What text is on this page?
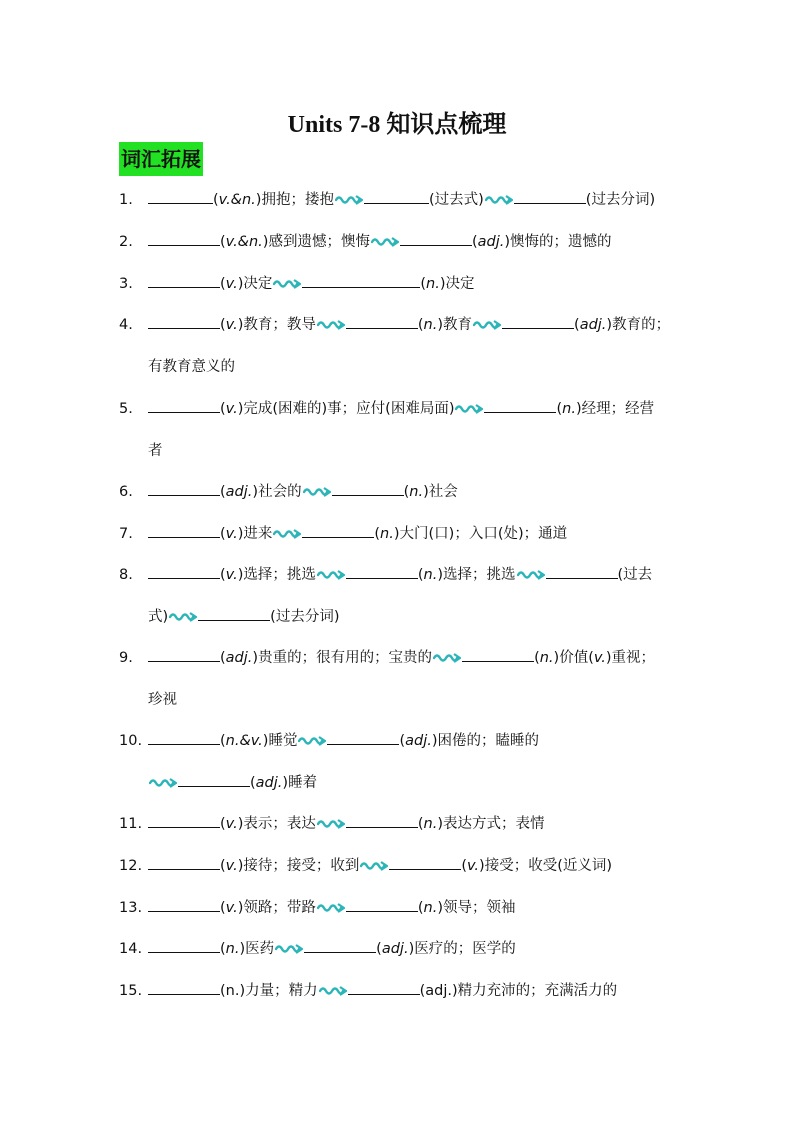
Units 7-8 知识点梳理
词汇拓展
1.	(v.&n.)拥抱；搂抱	(过去式)	(过去分词)
2.	(v.&n.)感到遗憾；懊悔	(adj.)懊悔的；遗憾的
3.	(v.)决定	(n.)决定
4.	(v.)教育；教导	(n.)教育	(adj.)教育的；
有教育意义的
5.	(v.)完成(困难的)事；应付(困难局面)	(n.)经理；经营
者
6.	(adj.)社会的	(n.)社会
7.	(v.)进来	(n.)大门(口)；入口(处)；通道
8.	(v.)选择；挑选	(n.)选择；挑选	(过去
式)	(过去分词)
9.	(adj.)贵重的；很有用的；宝贵的	(n.)价值(v.)重视；
珍视
10.	(n.&v.)睡觉	(adj.)困倦的；瞌睡的
(adj.)睡着
11.	(v.)表示；表达	(n.)表达方式；表情
12.	(v.)接待；接受；收到	(v.)接受；收受(近义词)
13.	(v.)领路；带路	(n.)领导；领袖
14.	(n.)医药	(adj.)医疗的；医学的
15.	(n.)力量；精力	(adj.)精力充沛的；充满活力的
